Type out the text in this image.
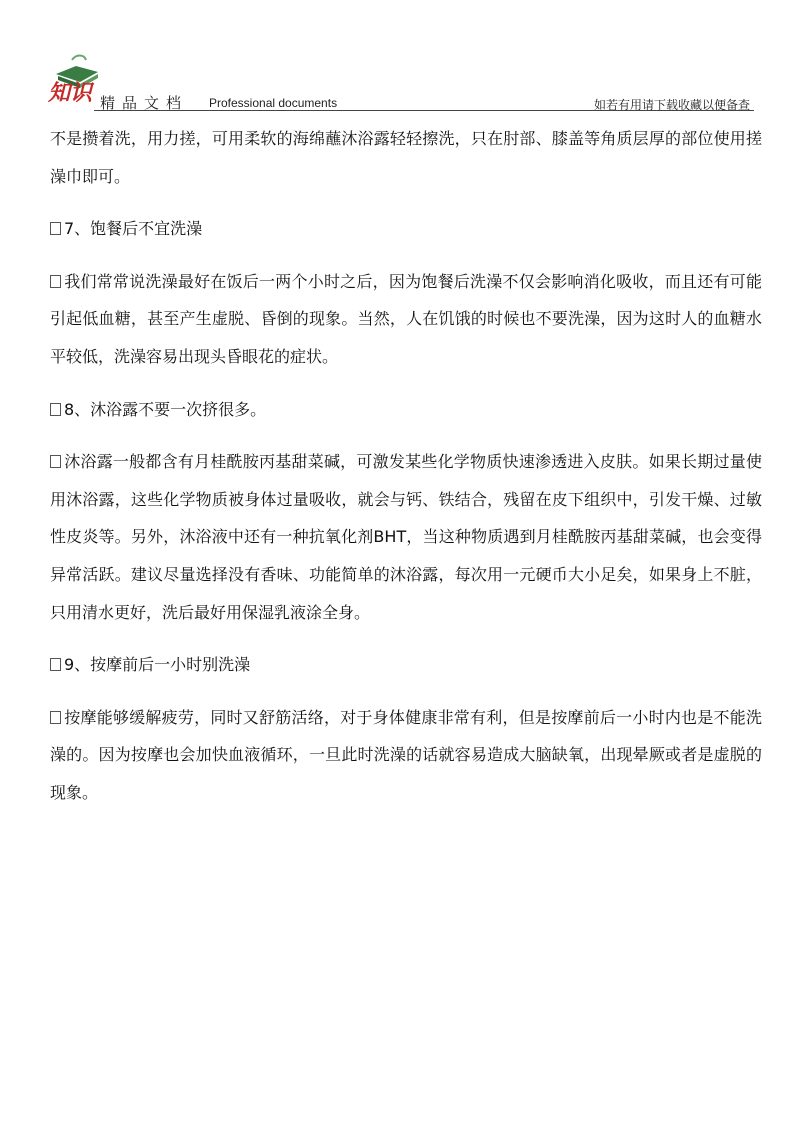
知识 精品文档 Professional documents	如若有用请下载收藏以便备查

不是攒着洗，用力搓，可用柔软的海绵蘸沐浴露轻轻擦洗，只在肘部、膝盖等角质层厚的部位使用搓澡巾即可。

7、饱餐后不宜洗澡

我们常常说洗澡最好在饭后一两个小时之后，因为饱餐后洗澡不仅会影响消化吸收，而且还有可能引起低血糖，甚至产生虚脱、昏倒的现象。当然，人在饥饿的时候也不要洗澡，因为这时人的血糖水平较低，洗澡容易出现头昏眼花的症状。

8、沐浴露不要一次挤很多。

沐浴露一般都含有月桂酰胺丙基甜菜碱，可激发某些化学物质快速渗透进入皮肤。如果长期过量使用沐浴露，这些化学物质被身体过量吸收，就会与钙、铁结合，残留在皮下组织中，引发干燥、过敏性皮炎等。另外，沐浴液中还有一种抗氧化剂BHT，当这种物质遇到月桂酰胺丙基甜菜碱，也会变得异常活跃。建议尽量选择没有香味、功能简单的沐浴露，每次用一元硬币大小足矣，如果身上不脏，只用清水更好，洗后最好用保湿乳液涂全身。

9、按摩前后一小时别洗澡

按摩能够缓解疲劳，同时又舒筋活络，对于身体健康非常有利，但是按摩前后一小时内也是不能洗澡的。因为按摩也会加快血液循环，一旦此时洗澡的话就容易造成大脑缺氧，出现晕厥或者是虚脱的现象。
